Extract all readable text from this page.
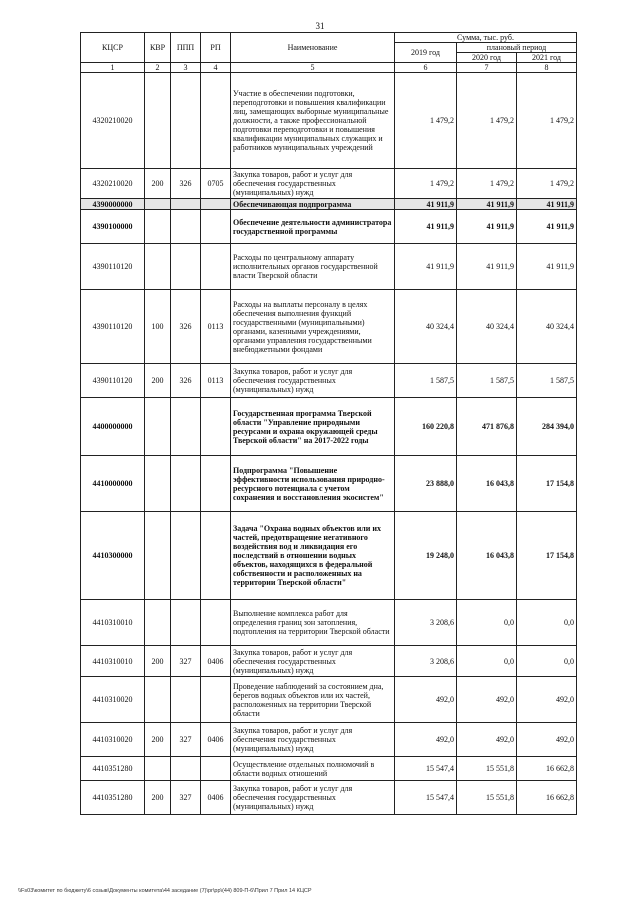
31
КЦСР	КВР	ППП	РП	Наименование	Сумма, тыс. руб.		
					2019 год	плановый период	
						2020 год	2021 год
1	2	3	4	5	6	7	8
4320210020				Участие в обеспечении подготовки, переподготовки и повышения квалификации лиц, замещающих выборные муниципальные должности, а также профессиональной подготовки переподготовки и повышения квалификации муниципальных служащих и работников муниципальных учреждений	1 479,2	1 479,2	1 479,2
4320210020	200	326	0705	Закупка товаров, работ и услуг для обеспечения государственных (муниципальных) нужд	1 479,2	1 479,2	1 479,2
4390000000				Обеспечивающая подпрограмма	41 911,9	41 911,9	41 911,9
4390100000				Обеспечение деятельности администратора государственной программы	41 911,9	41 911,9	41 911,9
4390110120				Расходы по центральному аппарату исполнительных органов государственной власти Тверской области	41 911,9	41 911,9	41 911,9
4390110120	100	326	0113	Расходы на выплаты персоналу в целях обеспечения выполнения функций государственными (муниципальными) органами, казенными учреждениями, органами управления государственными внебюджетными фондами	40 324,4	40 324,4	40 324,4
4390110120	200	326	0113	Закупка товаров, работ и услуг для обеспечения государственных (муниципальных) нужд	1 587,5	1 587,5	1 587,5
4400000000				Государственная программа Тверской области "Управление природными ресурсами и охрана окружающей среды Тверской области" на 2017-2022 годы	160 220,8	471 876,8	284 394,0
4410000000				Подпрограмма "Повышение эффективности использования природно-ресурсного потенциала с учетом сохранения и восстановления экосистем"	23 888,0	16 043,8	17 154,8
4410300000				Задача "Охрана водных объектов или их частей, предотвращение негативного воздействия вод и ликвидация его последствий в отношении водных объектов, находящихся в федеральной собственности и расположенных на территории Тверской области"	19 248,0	16 043,8	17 154,8
4410310010				Выполнение комплекса работ для определения границ зон затопления, подтопления на территории Тверской области	3 208,6	0,0	0,0
4410310010	200	327	0406	Закупка товаров, работ и услуг для обеспечения государственных (муниципальных) нужд	3 208,6	0,0	0,0
4410310020				Проведение наблюдений за состоянием дна, берегов водных объектов или их частей, расположенных на территории Тверской области	492,0	492,0	492,0
4410310020	200	327	0406	Закупка товаров, работ и услуг для обеспечения государственных (муниципальных) нужд	492,0	492,0	492,0
4410351280				Осуществление отдельных полномочий в области водных отношений	15 547,4	15 551,8	16 662,8
4410351280	200	327	0406	Закупка товаров, работ и услуг для обеспечения государственных (муниципальных) нужд	15 547,4	15 551,8	16 662,8
\\Fs03\комитет по бюджету\6 созыв\Документы комитета\44 заседание (7)\pr\pp\(44) 809-П-6\Прил 7 Прил 14 КЦСР
